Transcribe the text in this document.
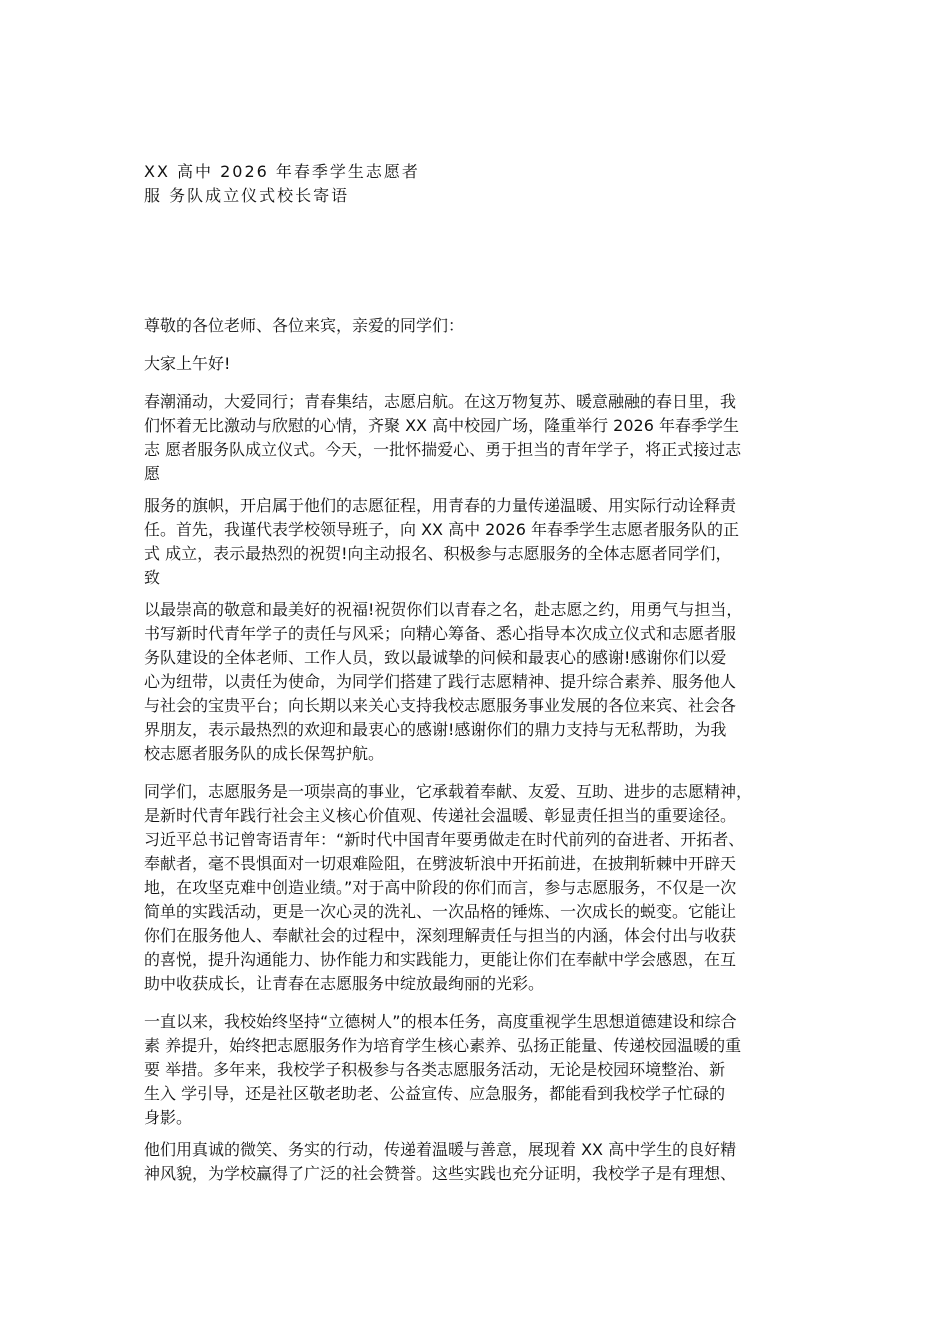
XX 高中 2026 年春季学生志愿者
服 务队成立仪式校长寄语

尊敬的各位老师、各位来宾，亲爱的同学们：

大家上午好!

春潮涌动，大爱同行；青春集结，志愿启航。在这万物复苏、暖意融融的春日里，我
们怀着无比激动与欣慰的心情，齐聚 XX 高中校园广场，隆重举行 2026 年春季学生
志 愿者服务队成立仪式。今天，一批怀揣爱心、勇于担当的青年学子，将正式接过志
愿

服务的旗帜，开启属于他们的志愿征程，用青春的力量传递温暖、用实际行动诠释责
任。首先，我谨代表学校领导班子，向 XX 高中 2026 年春季学生志愿者服务队的正
式 成立，表示最热烈的祝贺!向主动报名、积极参与志愿服务的全体志愿者同学们，
致

以最崇高的敬意和最美好的祝福!祝贺你们以青春之名，赴志愿之约，用勇气与担当，
书写新时代青年学子的责任与风采；向精心筹备、悉心指导本次成立仪式和志愿者服
务队建设的全体老师、工作人员，致以最诚挚的问候和最衷心的感谢!感谢你们以爱
心为纽带，以责任为使命，为同学们搭建了践行志愿精神、提升综合素养、服务他人
与社会的宝贵平台；向长期以来关心支持我校志愿服务事业发展的各位来宾、社会各
界朋友，表示最热烈的欢迎和最衷心的感谢!感谢你们的鼎力支持与无私帮助，为我
校志愿者服务队的成长保驾护航。

同学们，志愿服务是一项崇高的事业，它承载着奉献、友爱、互助、进步的志愿精神，
是新时代青年践行社会主义核心价值观、传递社会温暖、彰显责任担当的重要途径。
习近平总书记曾寄语青年：“新时代中国青年要勇做走在时代前列的奋进者、开拓者、
奉献者，毫不畏惧面对一切艰难险阻，在劈波斩浪中开拓前进，在披荆斩棘中开辟天
地，在攻坚克难中创造业绩。”对于高中阶段的你们而言，参与志愿服务，不仅是一次
简单的实践活动，更是一次心灵的洗礼、一次品格的锤炼、一次成长的蜕变。它能让
你们在服务他人、奉献社会的过程中，深刻理解责任与担当的内涵，体会付出与收获
的喜悦，提升沟通能力、协作能力和实践能力，更能让你们在奉献中学会感恩，在互
助中收获成长，让青春在志愿服务中绽放最绚丽的光彩。

一直以来，我校始终坚持“立德树人”的根本任务，高度重视学生思想道德建设和综合
素 养提升，始终把志愿服务作为培育学生核心素养、弘扬正能量、传递校园温暖的重
要 举措。多年来，我校学子积极参与各类志愿服务活动，无论是校园环境整治、新
生入 学引导，还是社区敬老助老、公益宣传、应急服务，都能看到我校学子忙碌的
身影。

他们用真诚的微笑、务实的行动，传递着温暖与善意，展现着 XX 高中学生的良好精
神风貌，为学校赢得了广泛的社会赞誉。这些实践也充分证明，我校学子是有理想、
